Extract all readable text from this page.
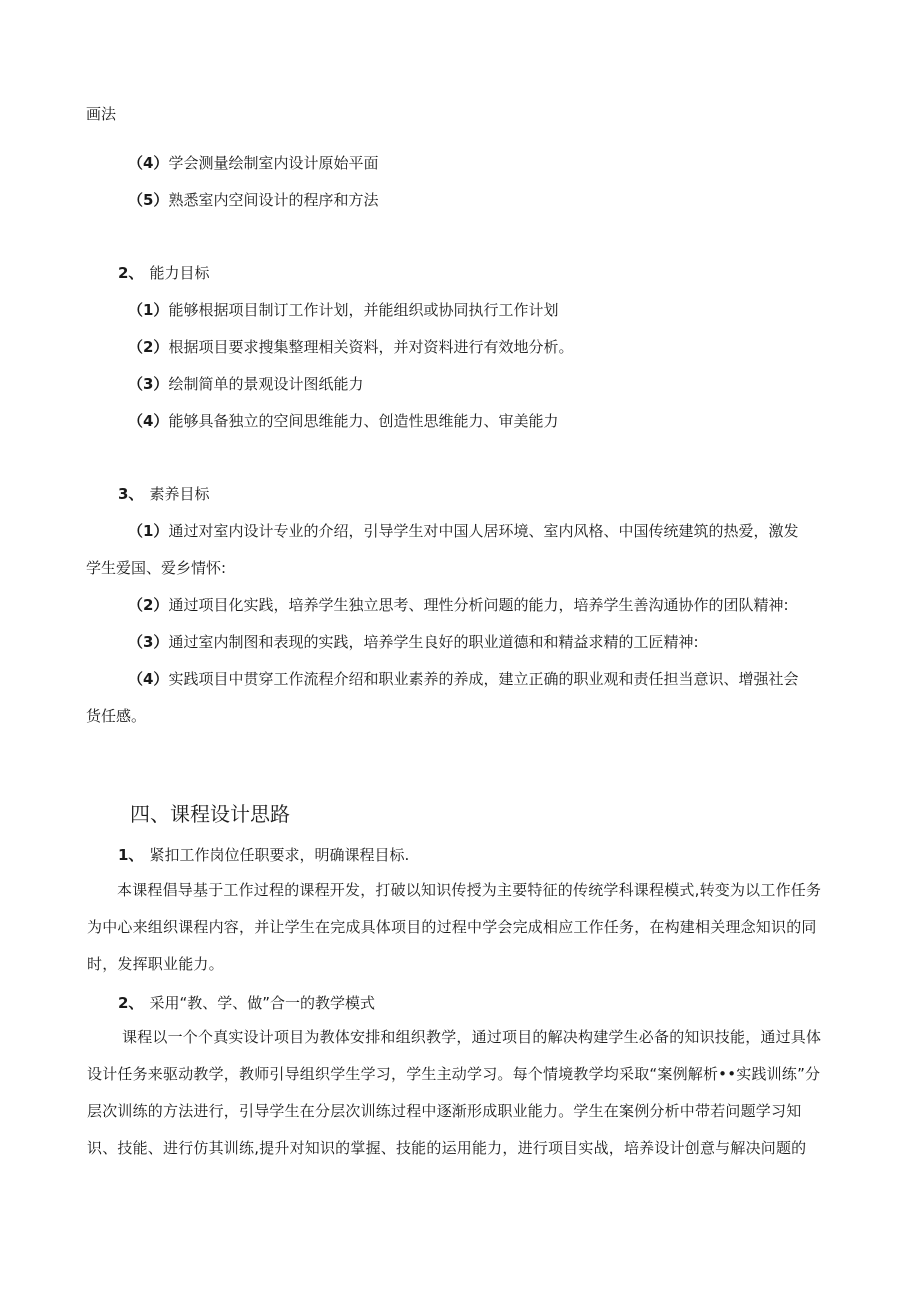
画法
（4）学会测量绘制室内设计原始平面
（5）熟悉室内空间设计的程序和方法
2、 能力目标
（1）能够根据项目制订工作计划，并能组织或协同执行工作计划
（2）根据项目要求搜集整理相关资料，并对资料进行有效地分析。
（3）绘制简单的景观设计图纸能力
（4）能够具备独立的空间思维能力、创造性思维能力、审美能力
3、 素养目标
（1）通过对室内设计专业的介绍，引导学生对中国人居环境、室内风格、中国传统建筑的热爱，激发
学生爱国、爱乡情怀:
（2）通过项目化实践，培养学生独立思考、理性分析问题的能力，培养学生善沟通协作的团队精神:
（3）通过室内制图和表现的实践，培养学生良好的职业道德和和精益求精的工匠精神:
（4）实践项目中贯穿工作流程介绍和职业素养的养成，建立正确的职业观和责任担当意识、增强社会
货任感。
四、课程设计思路
1、 紧扣工作岗位任职要求，明确课程目标.
本课程倡导基于工作过程的课程开发，打破以知识传授为主要特征的传统学科课程模式,转变为以工作任务为中心来组织课程内容，并让学生在完成具体项目的过程中学会完成相应工作任务，在构建相关理念知识的同时，发挥职业能力。
2、 采用“教、学、做”合一的教学模式
课程以一个个真实设计项目为教体安排和组织教学，通过项目的解决构建学生必备的知识技能，通过具体设计任务来驱动教学，教师引导组织学生学习，学生主动学习。每个情境教学均采取“案例解析••实践训练”分层次训练的方法进行，引导学生在分层次训练过程中逐渐形成职业能力。学生在案例分析中带若问题学习知识、技能、进行仿其训练,提升对知识的掌握、技能的运用能力，进行项目实战，培养设计创意与解决问题的
